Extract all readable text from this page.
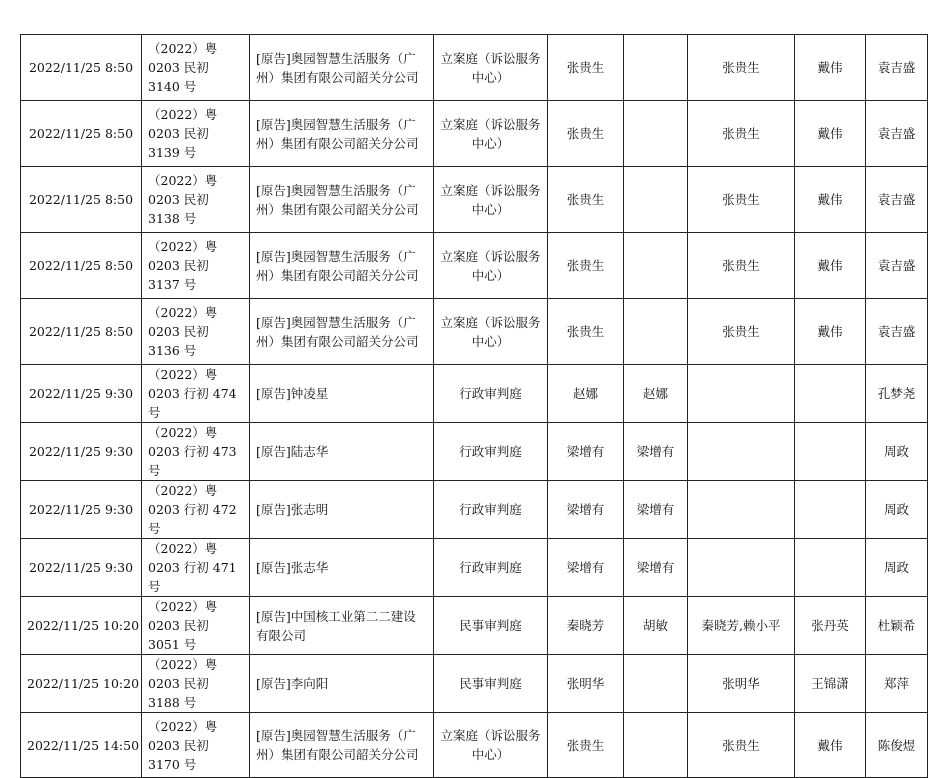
2022/11/25 8:50	（2022）粤 0203 民初 3140 号	[原告]奥园智慧生活服务（广州）集团有限公司韶关分公司	立案庭（诉讼服务中心）	张贵生		张贵生	戴伟	袁吉盛
2022/11/25 8:50	（2022）粤 0203 民初 3139 号	[原告]奥园智慧生活服务（广州）集团有限公司韶关分公司	立案庭（诉讼服务中心）	张贵生		张贵生	戴伟	袁吉盛
2022/11/25 8:50	（2022）粤 0203 民初 3138 号	[原告]奥园智慧生活服务（广州）集团有限公司韶关分公司	立案庭（诉讼服务中心）	张贵生		张贵生	戴伟	袁吉盛
2022/11/25 8:50	（2022）粤 0203 民初 3137 号	[原告]奥园智慧生活服务（广州）集团有限公司韶关分公司	立案庭（诉讼服务中心）	张贵生		张贵生	戴伟	袁吉盛
2022/11/25 8:50	（2022）粤 0203 民初 3136 号	[原告]奥园智慧生活服务（广州）集团有限公司韶关分公司	立案庭（诉讼服务中心）	张贵生		张贵生	戴伟	袁吉盛
2022/11/25 9:30	（2022）粤 0203 行初 474 号	[原告]钟凌星	行政审判庭	赵娜	赵娜			孔梦尧
2022/11/25 9:30	（2022）粤 0203 行初 473 号	[原告]陆志华	行政审判庭	梁增有	梁增有			周政
2022/11/25 9:30	（2022）粤 0203 行初 472 号	[原告]张志明	行政审判庭	梁增有	梁增有			周政
2022/11/25 9:30	（2022）粤 0203 行初 471 号	[原告]张志华	行政审判庭	梁增有	梁增有			周政
2022/11/25 10:20	（2022）粤 0203 民初 3051 号	[原告]中国核工业第二二建设有限公司	民事审判庭	秦晓芳	胡敏	秦晓芳,赖小平	张丹英	杜颖希
2022/11/25 10:20	（2022）粤 0203 民初 3188 号	[原告]李向阳	民事审判庭	张明华		张明华	王锦潇	郑萍
2022/11/25 14:50	（2022）粤 0203 民初 3170 号	[原告]奥园智慧生活服务（广州）集团有限公司韶关分公司	立案庭（诉讼服务中心）	张贵生		张贵生	戴伟	陈俊煜
